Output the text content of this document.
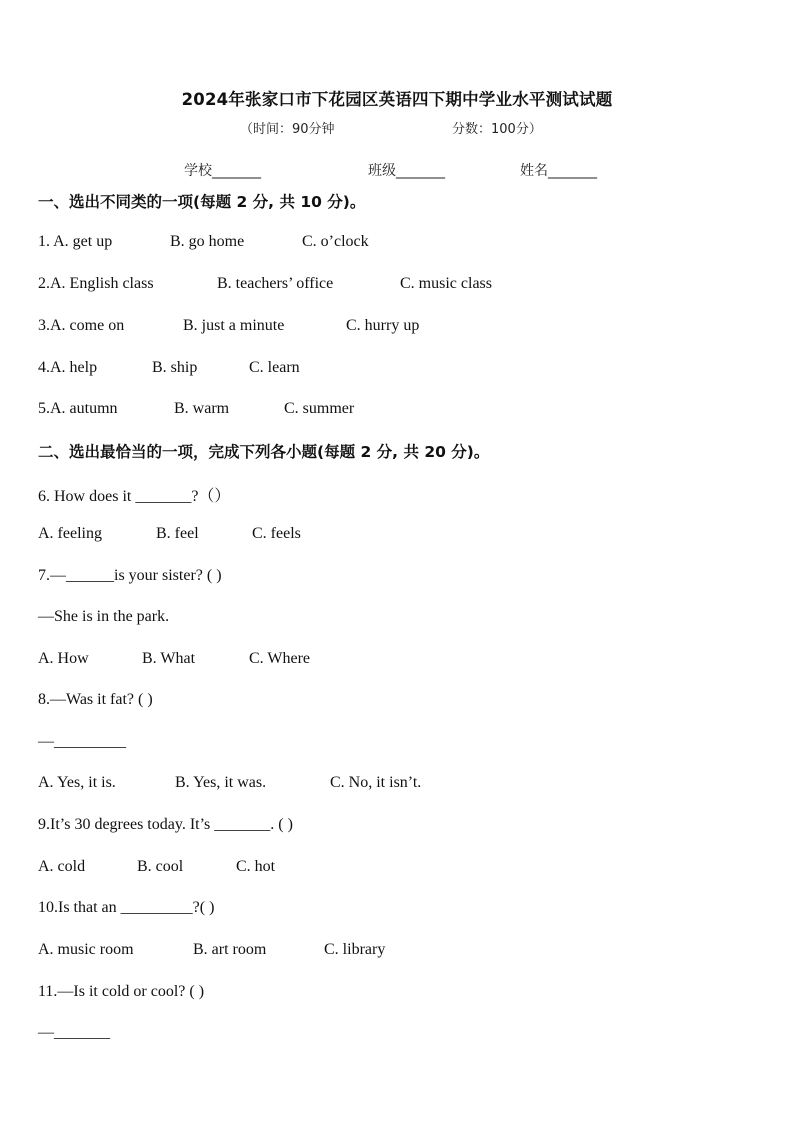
2024年张家口市下花园区英语四下期中学业水平测试试题
（时间：90分钟	分数：100分）
学校_______	班级_______	姓名_______
一、选出不同类的一项(每题 2 分, 共 10 分)。
1. A. get up	B. go home	C. o’clock
2.A. English class	B. teachers’ office	C. music class
3.A. come on	B. just a minute	C. hurry up
4.A. help	B. ship	C. learn
5.A. autumn	B. warm	C. summer
二、选出最恰当的一项，完成下列各小题(每题 2 分, 共 20 分)。
6. How does it _______?（）
A. feeling	B. feel	C. feels
7.—______is your sister? ( )
—She is in the park.
A. How	B. What	C. Where
8.—Was it fat? ( )
—_________
A. Yes, it is.	B. Yes, it was.	C. No, it isn’t.
9.It’s 30 degrees today. It’s _______. ( )
A. cold	B. cool	C. hot
10.Is that an _________?( )
A. music room	B. art room	C. library
11.—Is it cold or cool? ( )
—_______
